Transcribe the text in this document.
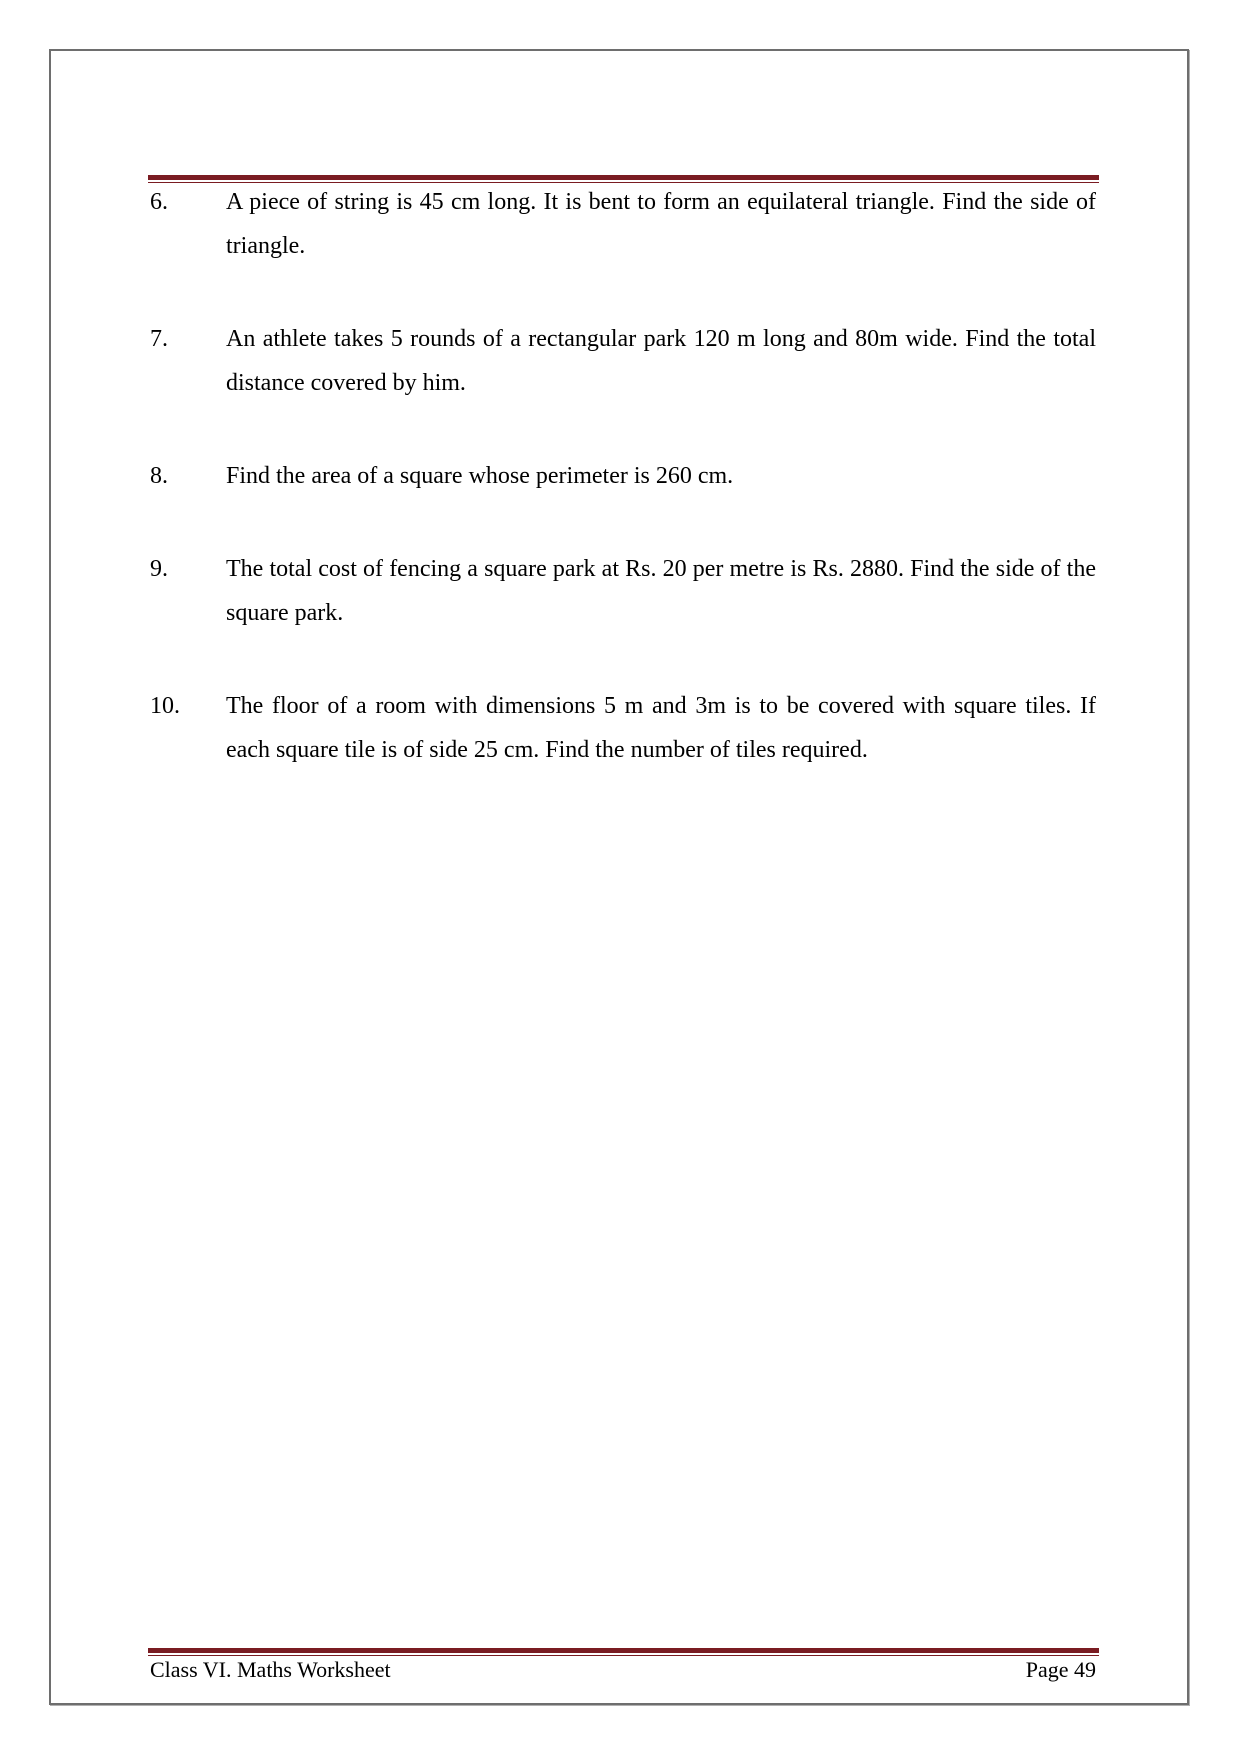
6.	A piece of string is 45 cm long. It is bent to form an equilateral triangle. Find the side of triangle.
7.	An athlete takes 5 rounds of a rectangular park 120 m long and 80m wide. Find the total distance covered by him.
8.	Find the area of a square whose perimeter is 260 cm.
9.	The total cost of fencing a square park at Rs. 20 per metre is Rs. 2880. Find the side of the square park.
10.	The floor of a room with dimensions 5 m and 3m is to be covered with square tiles. If each square tile is of side 25 cm. Find the number of tiles required.
Class VI. Maths Worksheet	Page 49
